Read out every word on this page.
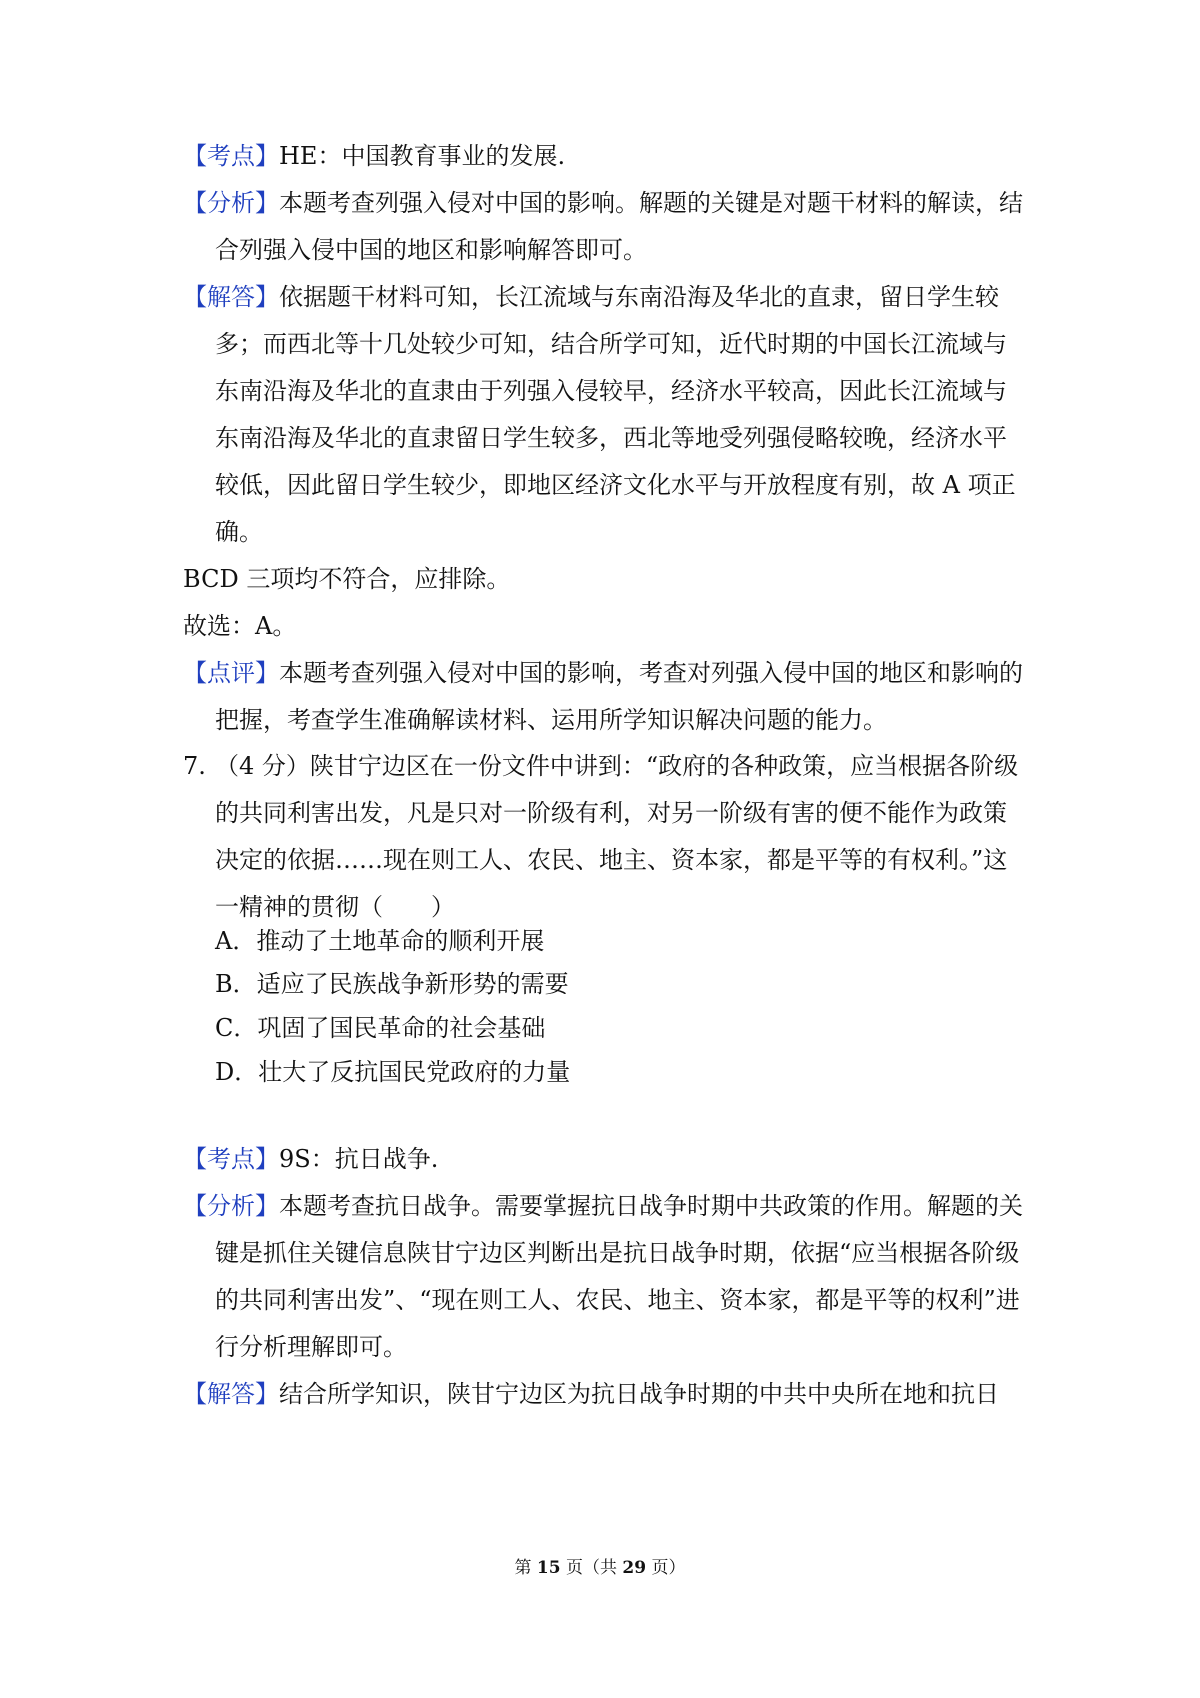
【考点】HE：中国教育事业的发展.

【分析】本题考查列强入侵对中国的影响。解题的关键是对题干材料的解读，结合列强入侵中国的地区和影响解答即可。

【解答】依据题干材料可知，长江流域与东南沿海及华北的直隶，留日学生较多；而西北等十几处较少可知，结合所学可知，近代时期的中国长江流域与东南沿海及华北的直隶由于列强入侵较早，经济水平较高，因此长江流域与东南沿海及华北的直隶留日学生较多，西北等地受列强侵略较晚，经济水平较低，因此留日学生较少，即地区经济文化水平与开放程度有别，故 A 项正确。

BCD 三项均不符合，应排除。

故选：A。

【点评】本题考查列强入侵对中国的影响，考查对列强入侵中国的地区和影响的把握，考查学生准确解读材料、运用所学知识解决问题的能力。

7. （4 分）陕甘宁边区在一份文件中讲到：“政府的各种政策，应当根据各阶级的共同利害出发，凡是只对一阶级有利，对另一阶级有害的便不能作为政策决定的依据……现在则工人、农民、地主、资本家，都是平等的有权利。”这一精神的贯彻（　　）

A．推动了土地革命的顺利开展
B．适应了民族战争新形势的需要
C．巩固了国民革命的社会基础
D．壮大了反抗国民党政府的力量

【考点】9S：抗日战争.

【分析】本题考查抗日战争。需要掌握抗日战争时期中共政策的作用。解题的关键是抓住关键信息陕甘宁边区判断出是抗日战争时期，依据“应当根据各阶级的共同利害出发”、“现在则工人、农民、地主、资本家，都是平等的权利”进行分析理解即可。

【解答】结合所学知识，陕甘宁边区为抗日战争时期的中共中央所在地和抗日

第 15 页（共 29 页）
